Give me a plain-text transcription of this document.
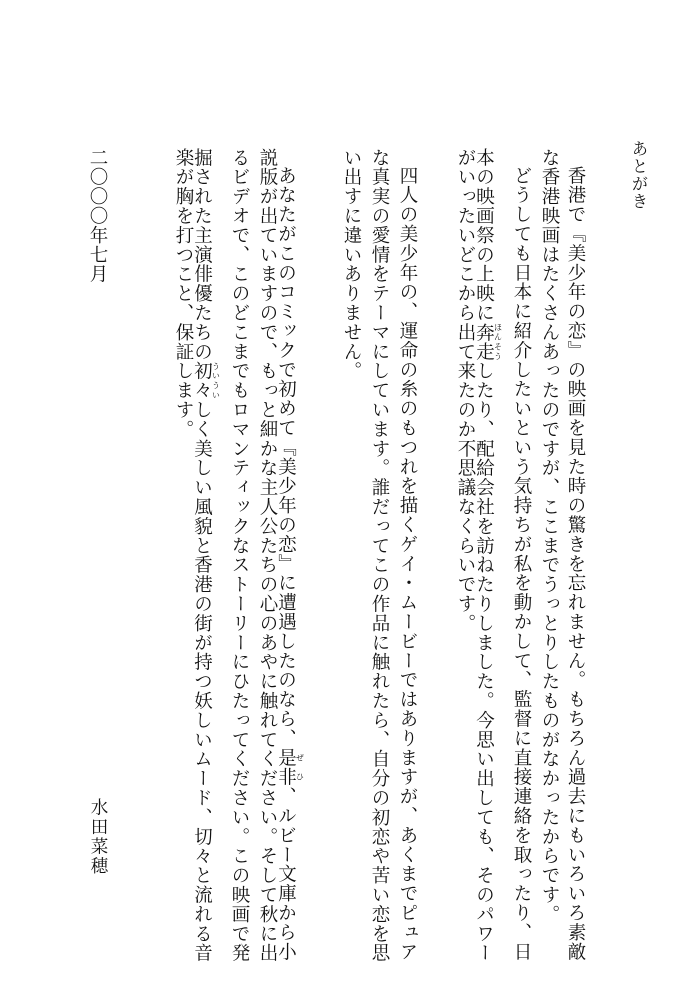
あとがき
香港で『美少年の恋』の映画を見た時の驚きを忘れません。もちろん過去にもいろいろ素敵
な香港映画はたくさんあったのですが、ここまでうっとりしたものがなかったからです。
どうしても日本に紹介したいという気持ちが私を動かして、監督に直接連絡を取ったり、日
本の映画祭の上映に奔走 ほんそうしたり、配給会社を訪ねたりしました。今思い出しても、そのパワー
がいったいどこから出て来たのか不思議なくらいです。
四人の美少年の、運命の糸のもつれを描くゲイ・ムービーではありますが、あくまでピュア
な真実の愛情をテーマにしています。誰だってこの作品に触れたら、自分の初恋や苦い恋を思
い出すに違いありません。
あなたがこのコミックで初めて『美少年の恋』に遭遇したのなら、是非 ぜひ、ルビー文庫から小
説版が出ていますので、もっと細かな主人公たちの心のあやに触れてください。そして秋に出
るビデオで、このどこまでもロマンティックなストーリーにひたってください。この映画で発
掘された主演俳優たちの初々 ういういしく美しい風貌と香港の街が持つ妖しいムード、切々と流れる音
楽が胸を打つこと、保証します。
二〇〇〇年七月
水田菜穂
